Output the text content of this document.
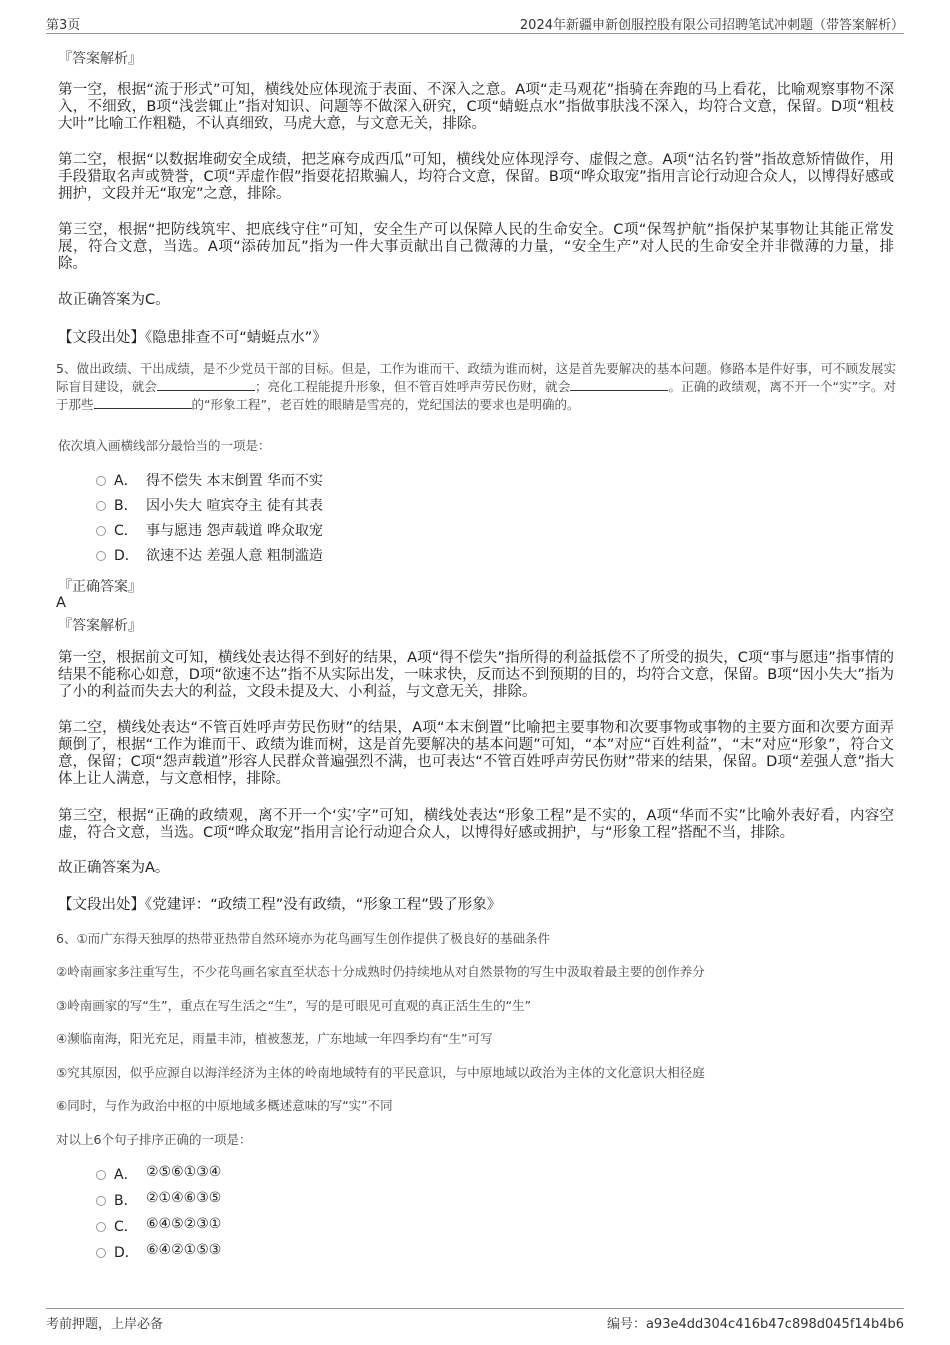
第3页	2024年新疆申新创服控股有限公司招聘笔试冲刺题（带答案解析）
『答案解析』
第一空，根据“流于形式”可知，横线处应体现流于表面、不深入之意。A项“走马观花”指骑在奔跑的马上看花，比喻观察事物不深入，不细致，B项“浅尝辄止”指对知识、问题等不做深入研究，C项“蜻蜓点水”指做事肤浅不深入，均符合文意，保留。D项“粗枝大叶”比喻工作粗糙，不认真细致，马虎大意，与文意无关，排除。
第二空，根据“以数据堆砌安全成绩，把芝麻夸成西瓜”可知，横线处应体现浮夸、虚假之意。A项“沽名钓誉”指故意矫情做作，用手段猎取名声或赞誉，C项“弄虚作假”指耍花招欺骗人，均符合文意，保留。B项“哗众取宠”指用言论行动迎合众人，以博得好感或拥护，文段并无“取宠”之意，排除。
第三空，根据“把防线筑牢、把底线守住”可知，安全生产可以保障人民的生命安全。C项“保驾护航”指保护某事物让其能正常发展，符合文意，当选。A项“添砖加瓦”指为一件大事贡献出自己微薄的力量，“安全生产”对人民的生命安全并非微薄的力量，排除。
故正确答案为C。
【文段出处】《隐患排查不可“蜻蜓点水”》
5、做出政绩、干出成绩，是不少党员干部的目标。但是，工作为谁而干、政绩为谁而树，这是首先要解决的基本问题。修路本是件好事，可不顾发展实际盲目建设，就会	；亮化工程能提升形象，但不管百姓呼声劳民伤财，就会	。正确的政绩观，离不开一个“实”字。对于那些	的“形象工程”，老百姓的眼睛是雪亮的，党纪国法的要求也是明确的。
依次填入画横线部分最恰当的一项是：
A． 得不偿失 本末倒置 华而不实
B． 因小失大 喧宾夺主 徒有其表
C． 事与愿违 怨声载道 哗众取宠
D． 欲速不达 差强人意 粗制滥造
『正确答案』
A
『答案解析』
第一空，根据前文可知，横线处表达得不到好的结果，A项“得不偿失”指所得的利益抵偿不了所受的损失，C项“事与愿违”指事情的结果不能称心如意，D项“欲速不达”指不从实际出发，一味求快，反而达不到预期的目的，均符合文意，保留。B项“因小失大”指为了小的利益而失去大的利益，文段未提及大、小利益，与文意无关，排除。
第二空，横线处表达“不管百姓呼声劳民伤财”的结果，A项“本末倒置”比喻把主要事物和次要事物或事物的主要方面和次要方面弄颠倒了，根据“工作为谁而干、政绩为谁而树，这是首先要解决的基本问题”可知，“本”对应“百姓利益”，“末”对应“形象”，符合文意，保留；C项“怨声载道”形容人民群众普遍强烈不满，也可表达“不管百姓呼声劳民伤财”带来的结果，保留。D项“差强人意”指大体上让人满意，与文意相悖，排除。
第三空，根据“正确的政绩观，离不开一个‘实’字”可知，横线处表达“形象工程”是不实的，A项“华而不实”比喻外表好看，内容空虚，符合文意，当选。C项“哗众取宠”指用言论行动迎合众人，以博得好感或拥护，与“形象工程”搭配不当，排除。
故正确答案为A。
【文段出处】《党建评：“政绩工程”没有政绩，“形象工程”毁了形象》
6、①而广东得天独厚的热带亚热带自然环境亦为花鸟画写生创作提供了极良好的基础条件
②岭南画家多注重写生，不少花鸟画名家直至状态十分成熟时仍持续地从对自然景物的写生中汲取着最主要的创作养分
③岭南画家的写“生”，重点在写生活之“生”，写的是可眼见可直观的真正活生生的“生”
④濒临南海，阳光充足，雨量丰沛，植被葱茏，广东地域一年四季均有“生”可写
⑤究其原因，似乎应源自以海洋经济为主体的岭南地域特有的平民意识，与中原地域以政治为主体的文化意识大相径庭
⑥同时，与作为政治中枢的中原地域多概述意味的写“实”不同
对以上6个句子排序正确的一项是：
A． ②⑤⑥①③④
B． ②①④⑥③⑤
C． ⑥④⑤②③①
D． ⑥④②①⑤③
考前押题，上岸必备	编号：a93e4dd304c416b47c898d045f14b4b6
